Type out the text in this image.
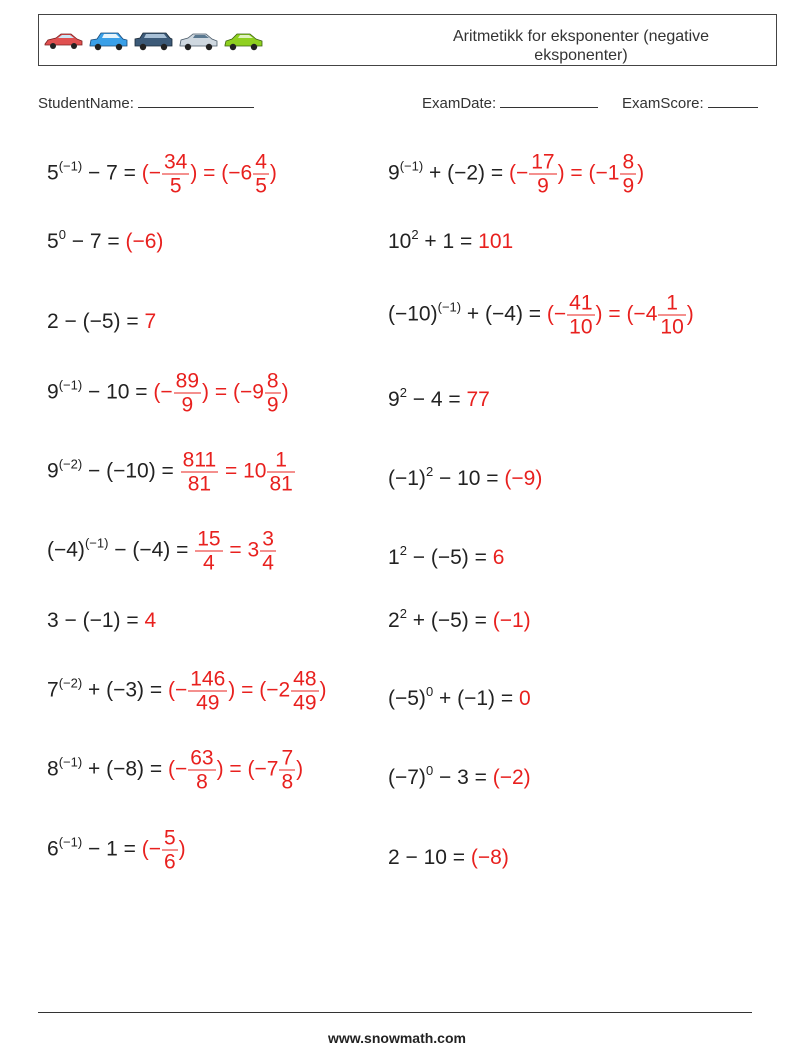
Aritmetikk for eksponenter (negative eksponenter)
StudentName:	ExamDate:	ExamScore:
$5^{(-1)} - 7$ = (− $\frac{34}{5}$ ) = ($-6 \frac{4}{5}$ )
$5^0 - 7 = (-6)$
2 − (−5) = 7
$9^{(-1)} - 10$ = (− $\frac{89}{9}$ ) = ($-9 \frac{8}{9}$ )
$9^{(-2)} - (-10) = \frac{811}{81} = 10 \frac{1}{81}$
$(-4)^{(-1)} - (-4) = \frac{15}{4} = 3 \frac{3}{4}$
3 − (−1) = 4
$7^{(-2)} + (-3)$ = (− $\frac{146}{49}$ ) = ($-2 \frac{48}{49}$ )
$8^{(-1)} + (-8)$ = (− $\frac{63}{8}$ ) = ($-7 \frac{7}{8}$ )
$6^{(-1)} - 1$ = (− $\frac{5}{6}$ )
$9^{(-1)} + (-2)$ = (− $\frac{17}{9}$ ) = ($-1 \frac{8}{9}$ )
$10^2 + 1 = 101$
$(-10)^{(-1)} + (-4)$ = (− $\frac{41}{10}$ ) = ($-4 \frac{1}{10}$ )
$9^2 - 4 = 77$
$(-1)^2 - 10 = (-9)$
$1^2 - (-5) = 6$
$2^2 + (-5) = (-1)$
$(-5)^0 + (-1) = 0$
$(-7)^0 - 3 = (-2)$
2 − 10 = (−8)
www.snowmath.com
